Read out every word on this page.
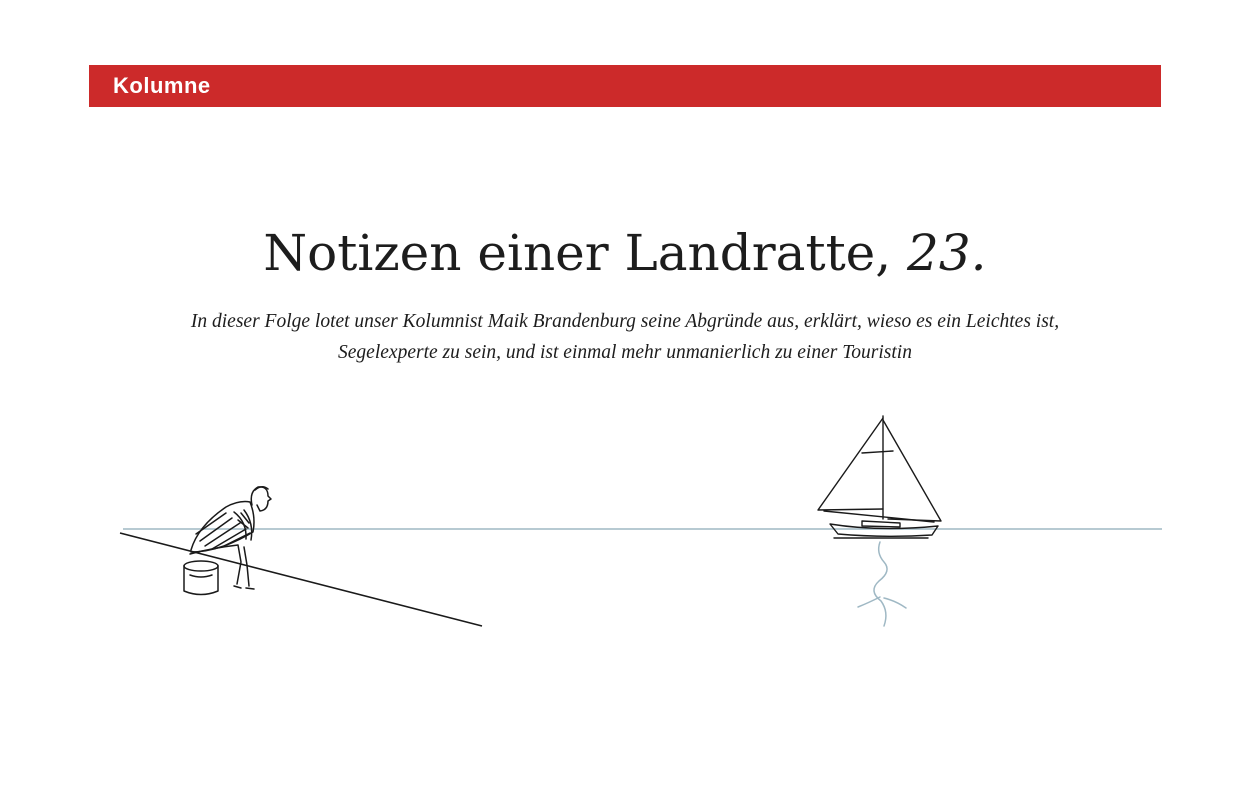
Kolumne
Notizen einer Landratte, 23.

In dieser Folge lotet unser Kolumnist Maik Brandenburg seine Abgründe aus, erklärt, wieso es ein Leichtes ist,
Segelexperte zu sein, und ist einmal mehr unmanierlich zu einer Touristin
